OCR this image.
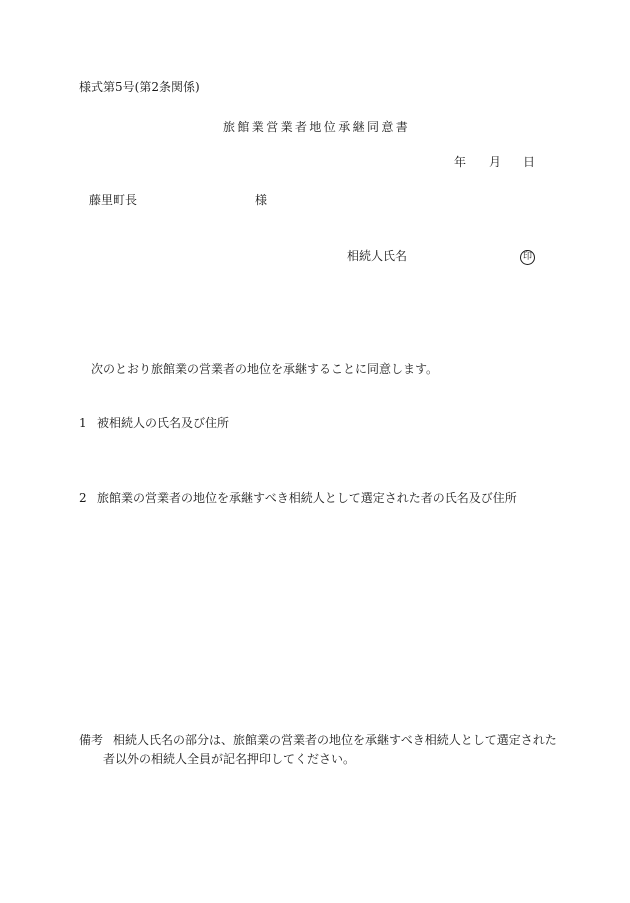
様式第5号(第2条関係)
旅館業営業者地位承継同意書
年 月 日
藤里町長	様
相続人氏名	印
次のとおり旅館業の営業者の地位を承継することに同意します。
1 被相続人の氏名及び住所
2 旅館業の営業者の地位を承継すべき相続人として選定された者の氏名及び住所
備考 相続人氏名の部分は、旅館業の営業者の地位を承継すべき相続人として選定された
者以外の相続人全員が記名押印してください。
